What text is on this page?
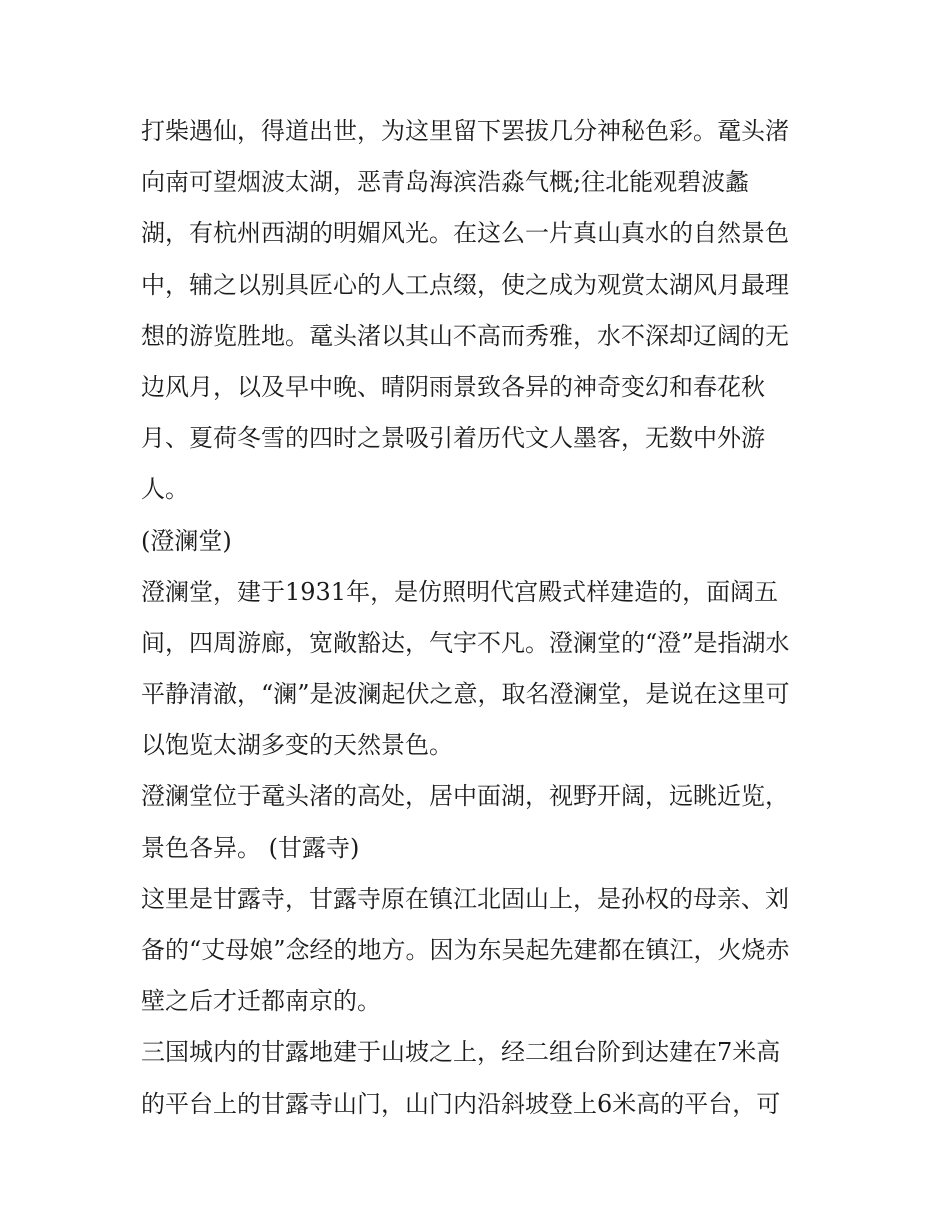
打柴遇仙，得道出世，为这里留下罢拔几分神秘色彩。鼋头渚
向南可望烟波太湖，恶青岛海滨浩淼气概;往北能观碧波蠡
湖，有杭州西湖的明媚风光。在这么一片真山真水的自然景色
中，辅之以别具匠心的人工点缀，使之成为观赏太湖风月最理
想的游览胜地。鼋头渚以其山不高而秀雅，水不深却辽阔的无
边风月，以及早中晚、晴阴雨景致各异的神奇变幻和春花秋
月、夏荷冬雪的四时之景吸引着历代文人墨客，无数中外游
人。
(澄澜堂)
澄澜堂，建于1931年，是仿照明代宫殿式样建造的，面阔五
间，四周游廊，宽敞豁达，气宇不凡。澄澜堂的“澄”是指湖水
平静清澈，“澜”是波澜起伏之意，取名澄澜堂，是说在这里可
以饱览太湖多变的天然景色。
澄澜堂位于鼋头渚的高处，居中面湖，视野开阔，远眺近览，
景色各异。 (甘露寺)
这里是甘露寺，甘露寺原在镇江北固山上，是孙权的母亲、刘
备的“丈母娘”念经的地方。因为东吴起先建都在镇江，火烧赤
壁之后才迁都南京的。
三国城内的甘露地建于山坡之上，经二组台阶到达建在7米高
的平台上的甘露寺山门，山门内沿斜坡登上6米高的平台，可
